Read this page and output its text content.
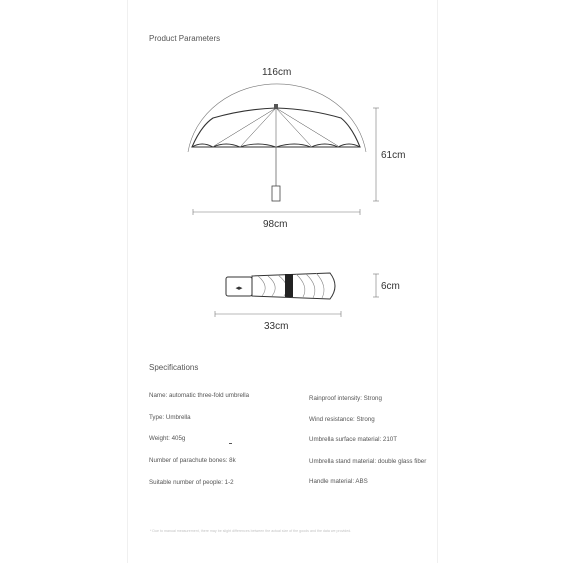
Product Parameters
◂▸
116cm
61cm
98cm
33cm
6cm
Specifications
Name: automatic three-fold umbrella
Type: Umbrella
Weight: 405g
Number of parachute bones: 8k
Suitable number of people: 1-2
Rainproof intensity: Strong
Wind resistance: Strong
Umbrella surface material: 210T
Umbrella stand material: double glass fiber
Handle material: ABS
* Due to manual measurement, there may be slight differences between the actual size of the goods and the data we provided.
